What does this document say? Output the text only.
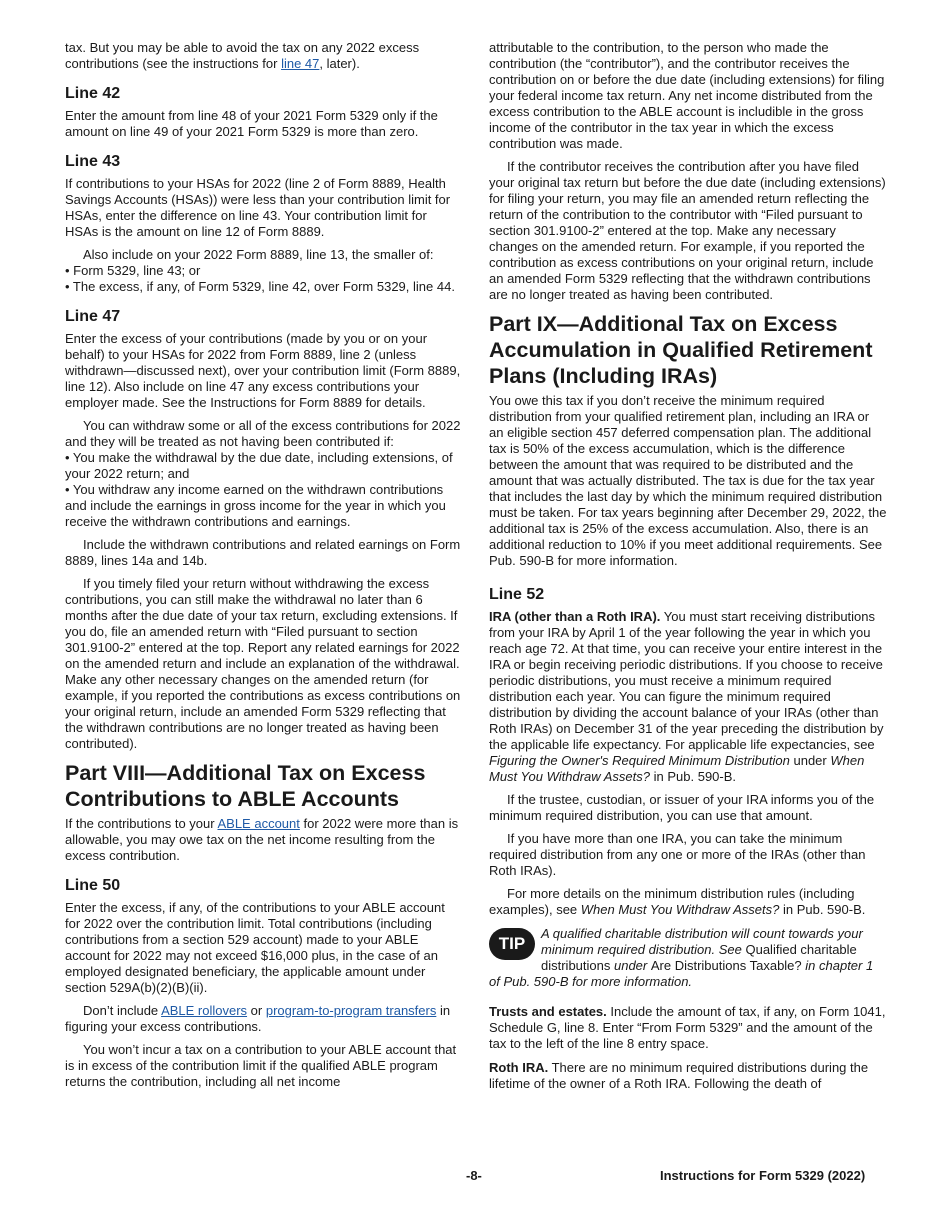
tax. But you may be able to avoid the tax on any 2022 excess contributions (see the instructions for line 47, later).

Line 42

Enter the amount from line 48 of your 2021 Form 5329 only if the amount on line 49 of your 2021 Form 5329 is more than zero.

Line 43

If contributions to your HSAs for 2022 (line 2 of Form 8889, Health Savings Accounts (HSAs)) were less than your contribution limit for HSAs, enter the difference on line 43. Your contribution limit for HSAs is the amount on line 12 of Form 8889.

Also include on your 2022 Form 8889, line 13, the smaller of:

• Form 5329, line 43; or
• The excess, if any, of Form 5329, line 42, over Form 5329, line 44.
Line 47

Enter the excess of your contributions (made by you or on your behalf) to your HSAs for 2022 from Form 8889, line 2 (unless withdrawn—discussed next), over your contribution limit (Form 8889, line 12). Also include on line 47 any excess contributions your employer made. See the Instructions for Form 8889 for details.

You can withdraw some or all of the excess contributions for 2022 and they will be treated as not having been contributed if:

• You make the withdrawal by the due date, including extensions, of your 2022 return; and
• You withdraw any income earned on the withdrawn contributions and include the earnings in gross income for the year in which you receive the withdrawn contributions and earnings.

Include the withdrawn contributions and related earnings on Form 8889, lines 14a and 14b.

If you timely filed your return without withdrawing the excess contributions, you can still make the withdrawal no later than 6 months after the due date of your tax return, excluding extensions. If you do, file an amended return with “Filed pursuant to section 301.9100-2” entered at the top. Report any related earnings for 2022 on the amended return and include an explanation of the withdrawal. Make any other necessary changes on the amended return (for example, if you reported the contributions as excess contributions on your original return, include an amended Form 5329 reflecting that the withdrawn contributions are no longer treated as having been contributed).

Part VIII—Additional Tax on Excess Contributions to ABLE Accounts

If the contributions to your ABLE account for 2022 were more than is allowable, you may owe tax on the net income resulting from the excess contribution.

Line 50

Enter the excess, if any, of the contributions to your ABLE account for 2022 over the contribution limit. Total contributions (including contributions from a section 529 account) made to your ABLE account for 2022 may not exceed $16,000 plus, in the case of an employed designated beneficiary, the applicable amount under section 529A(b)(2)(B)(ii).

Don’t include ABLE rollovers or program-to-program transfers in figuring your excess contributions.

You won’t incur a tax on a contribution to your ABLE account that is in excess of the contribution limit if the qualified ABLE program returns the contribution, including all net income

attributable to the contribution, to the person who made the contribution (the “contributor”), and the contributor receives the contribution on or before the due date (including extensions) for filing your federal income tax return. Any net income distributed from the excess contribution to the ABLE account is includible in the gross income of the contributor in the tax year in which the excess contribution was made.

If the contributor receives the contribution after you have filed your original tax return but before the due date (including extensions) for filing your return, you may file an amended return reflecting the return of the contribution to the contributor with “Filed pursuant to section 301.9100-2” entered at the top. Make any necessary changes on the amended return. For example, if you reported the contribution as excess contributions on your original return, include an amended Form 5329 reflecting that the withdrawn contributions are no longer treated as having been contributed.

Part IX—Additional Tax on Excess Accumulation in Qualified Retirement Plans (Including IRAs)

You owe this tax if you don’t receive the minimum required distribution from your qualified retirement plan, including an IRA or an eligible section 457 deferred compensation plan. The additional tax is 50% of the excess accumulation, which is the difference between the amount that was required to be distributed and the amount that was actually distributed. The tax is due for the tax year that includes the last day by which the minimum required distribution must be taken. For tax years beginning after December 29, 2022, the additional tax is 25% of the excess accumulation. Also, there is an additional reduction to 10% if you meet additional requirements. See Pub. 590-B for more information.

Line 52

IRA (other than a Roth IRA). You must start receiving distributions from your IRA by April 1 of the year following the year in which you reach age 72. At that time, you can receive your entire interest in the IRA or begin receiving periodic distributions. If you choose to receive periodic distributions, you must receive a minimum required distribution each year. You can figure the minimum required distribution by dividing the account balance of your IRAs (other than Roth IRAs) on December 31 of the year preceding the distribution by the applicable life expectancy. For applicable life expectancies, see Figuring the Owner's Required Minimum Distribution under When Must You Withdraw Assets? in Pub. 590-B.

If the trustee, custodian, or issuer of your IRA informs you of the minimum required distribution, you can use that amount.

If you have more than one IRA, you can take the minimum required distribution from any one or more of the IRAs (other than Roth IRAs).

For more details on the minimum distribution rules (including examples), see When Must You Withdraw Assets? in Pub. 590-B.

TIP

A qualified charitable distribution will count towards your minimum required distribution. See Qualified charitable distributions under Are Distributions Taxable? in chapter 1 of Pub. 590-B for more information.

Trusts and estates. Include the amount of tax, if any, on Form 1041, Schedule G, line 8. Enter “From Form 5329” and the amount of the tax to the left of the line 8 entry space.

Roth IRA. There are no minimum required distributions during the lifetime of the owner of a Roth IRA. Following the death of

-8-	Instructions for Form 5329 (2022)
